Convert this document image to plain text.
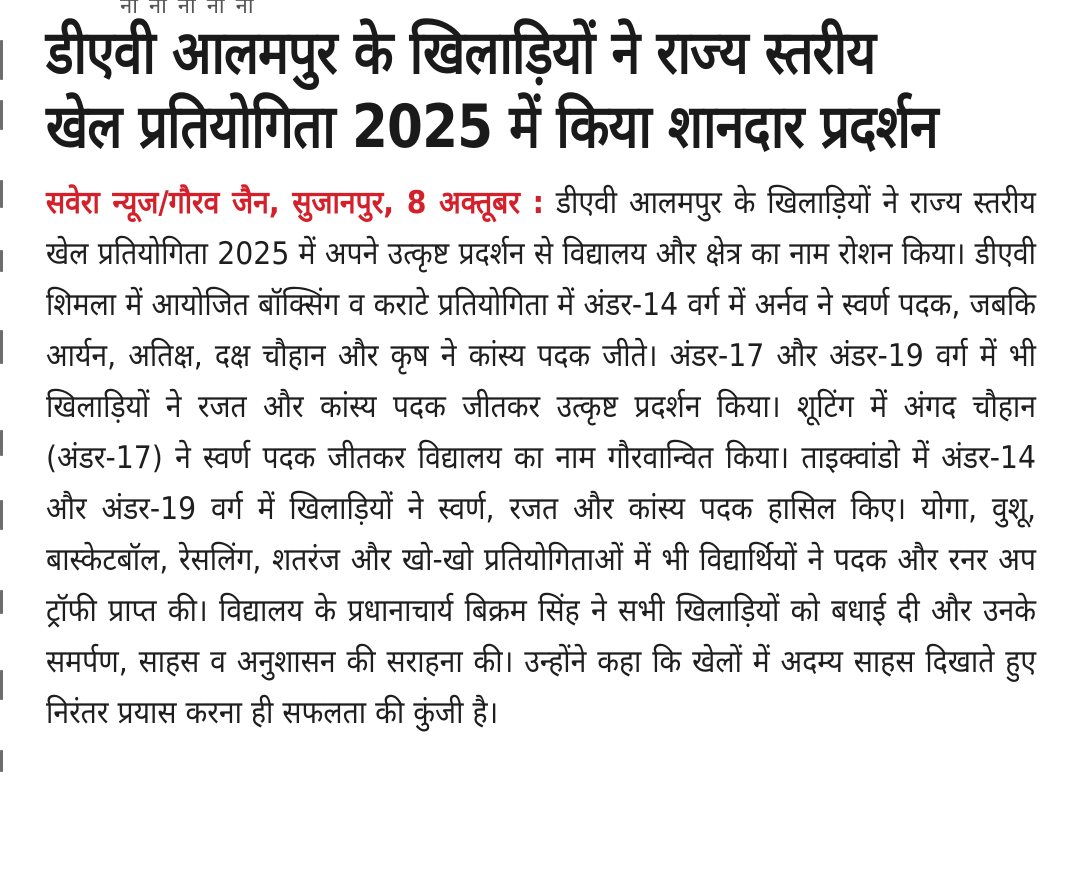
ना ना ना ना ना
डीएवी आलमपुर के खिलाड़ियों ने राज्य स्तरीय
खेल प्रतियोगिता 2025 में किया शानदार प्रदर्शन

सवेरा न्यूज/गौरव जैन, सुजानपुर, 8 अक्तूबर : डीएवी आलमपुर के खिलाड़ियों ने राज्य स्तरीय खेल प्रतियोगिता 2025 में अपने उत्कृष्ट प्रदर्शन से विद्यालय और क्षेत्र का नाम रोशन किया। डीएवी शिमला में आयोजित बॉक्सिंग व कराटे प्रतियोगिता में अंडर-14 वर्ग में अर्नव ने स्वर्ण पदक, जबकि आर्यन, अतिक्ष, दक्ष चौहान और कृष ने कांस्य पदक जीते। अंडर-17 और अंडर-19 वर्ग में भी खिलाड़ियों ने रजत और कांस्य पदक जीतकर उत्कृष्ट प्रदर्शन किया। शूटिंग में अंगद चौहान (अंडर-17) ने स्वर्ण पदक जीतकर विद्यालय का नाम गौरवान्वित किया। ताइक्वांडो में अंडर-14 और अंडर-19 वर्ग में खिलाड़ियों ने स्वर्ण, रजत और कांस्य पदक हासिल किए। योगा, वुशू, बास्केटबॉल, रेसलिंग, शतरंज और खो-खो प्रतियोगिताओं में भी विद्यार्थियों ने पदक और रनर अप ट्रॉफी प्राप्त की। विद्यालय के प्रधानाचार्य बिक्रम सिंह ने सभी खिलाड़ियों को बधाई दी और उनके समर्पण, साहस व अनुशासन की सराहना की। उन्होंने कहा कि खेलों में अदम्य साहस दिखाते हुए निरंतर प्रयास करना ही सफलता की कुंजी है।
